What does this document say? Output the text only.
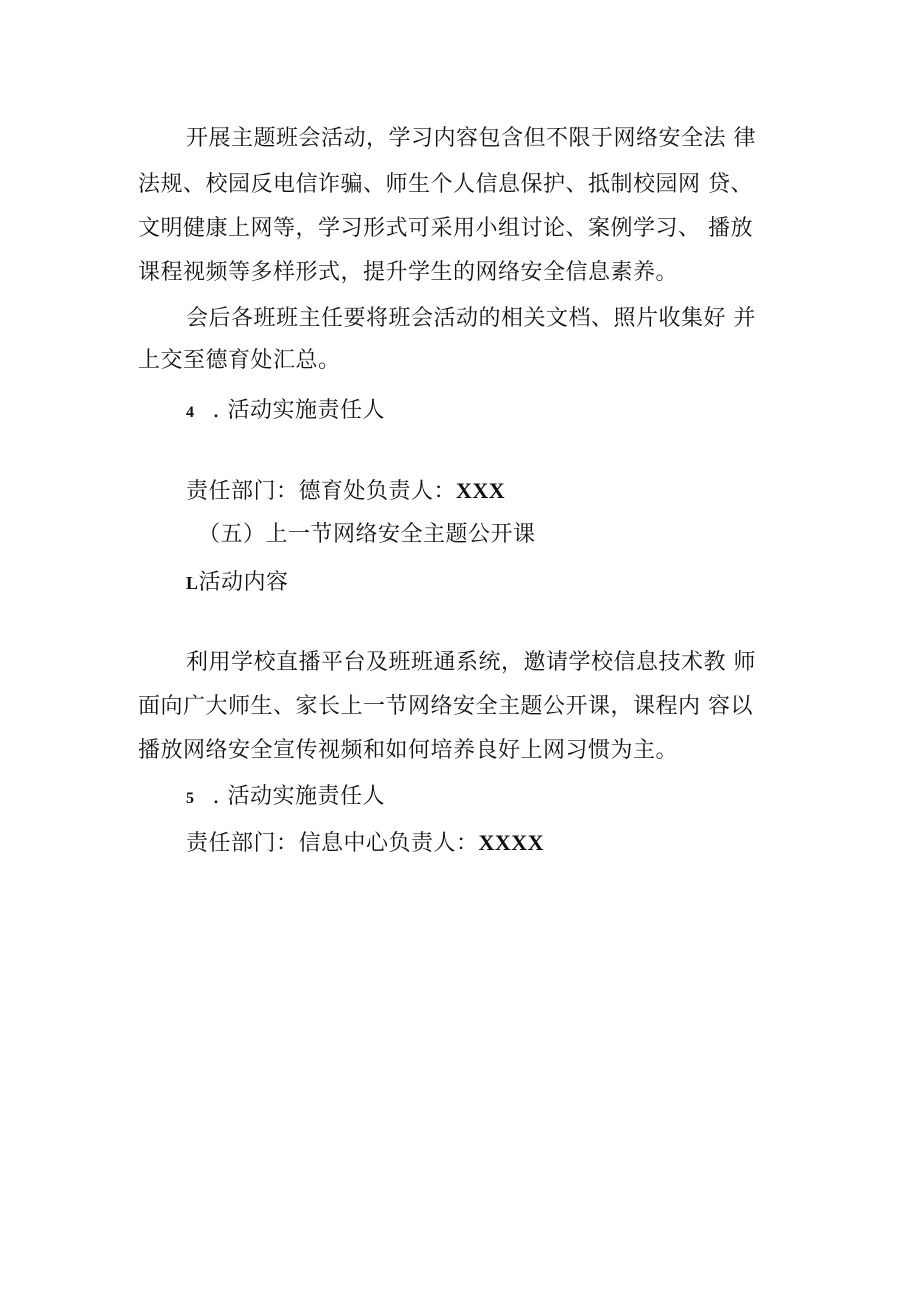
开展主题班会活动，学习内容包含但不限于网络安全法 律
法规、校园反电信诈骗、师生个人信息保护、抵制校园网 贷、
文明健康上网等，学习形式可采用小组讨论、案例学习、 播放
课程视频等多样形式，提升学生的网络安全信息素养。
会后各班班主任要将班会活动的相关文档、照片收集好 并
上交至德育处汇总。
4 . 活动实施责任人
责任部门：德育处负责人：XXX
（五）上一节网络安全主题公开课
L活动内容
利用学校直播平台及班班通系统，邀请学校信息技术教 师
面向广大师生、家长上一节网络安全主题公开课，课程内 容以
播放网络安全宣传视频和如何培养良好上网习惯为主。
5 . 活动实施责任人
责任部门：信息中心负责人：XXXX
